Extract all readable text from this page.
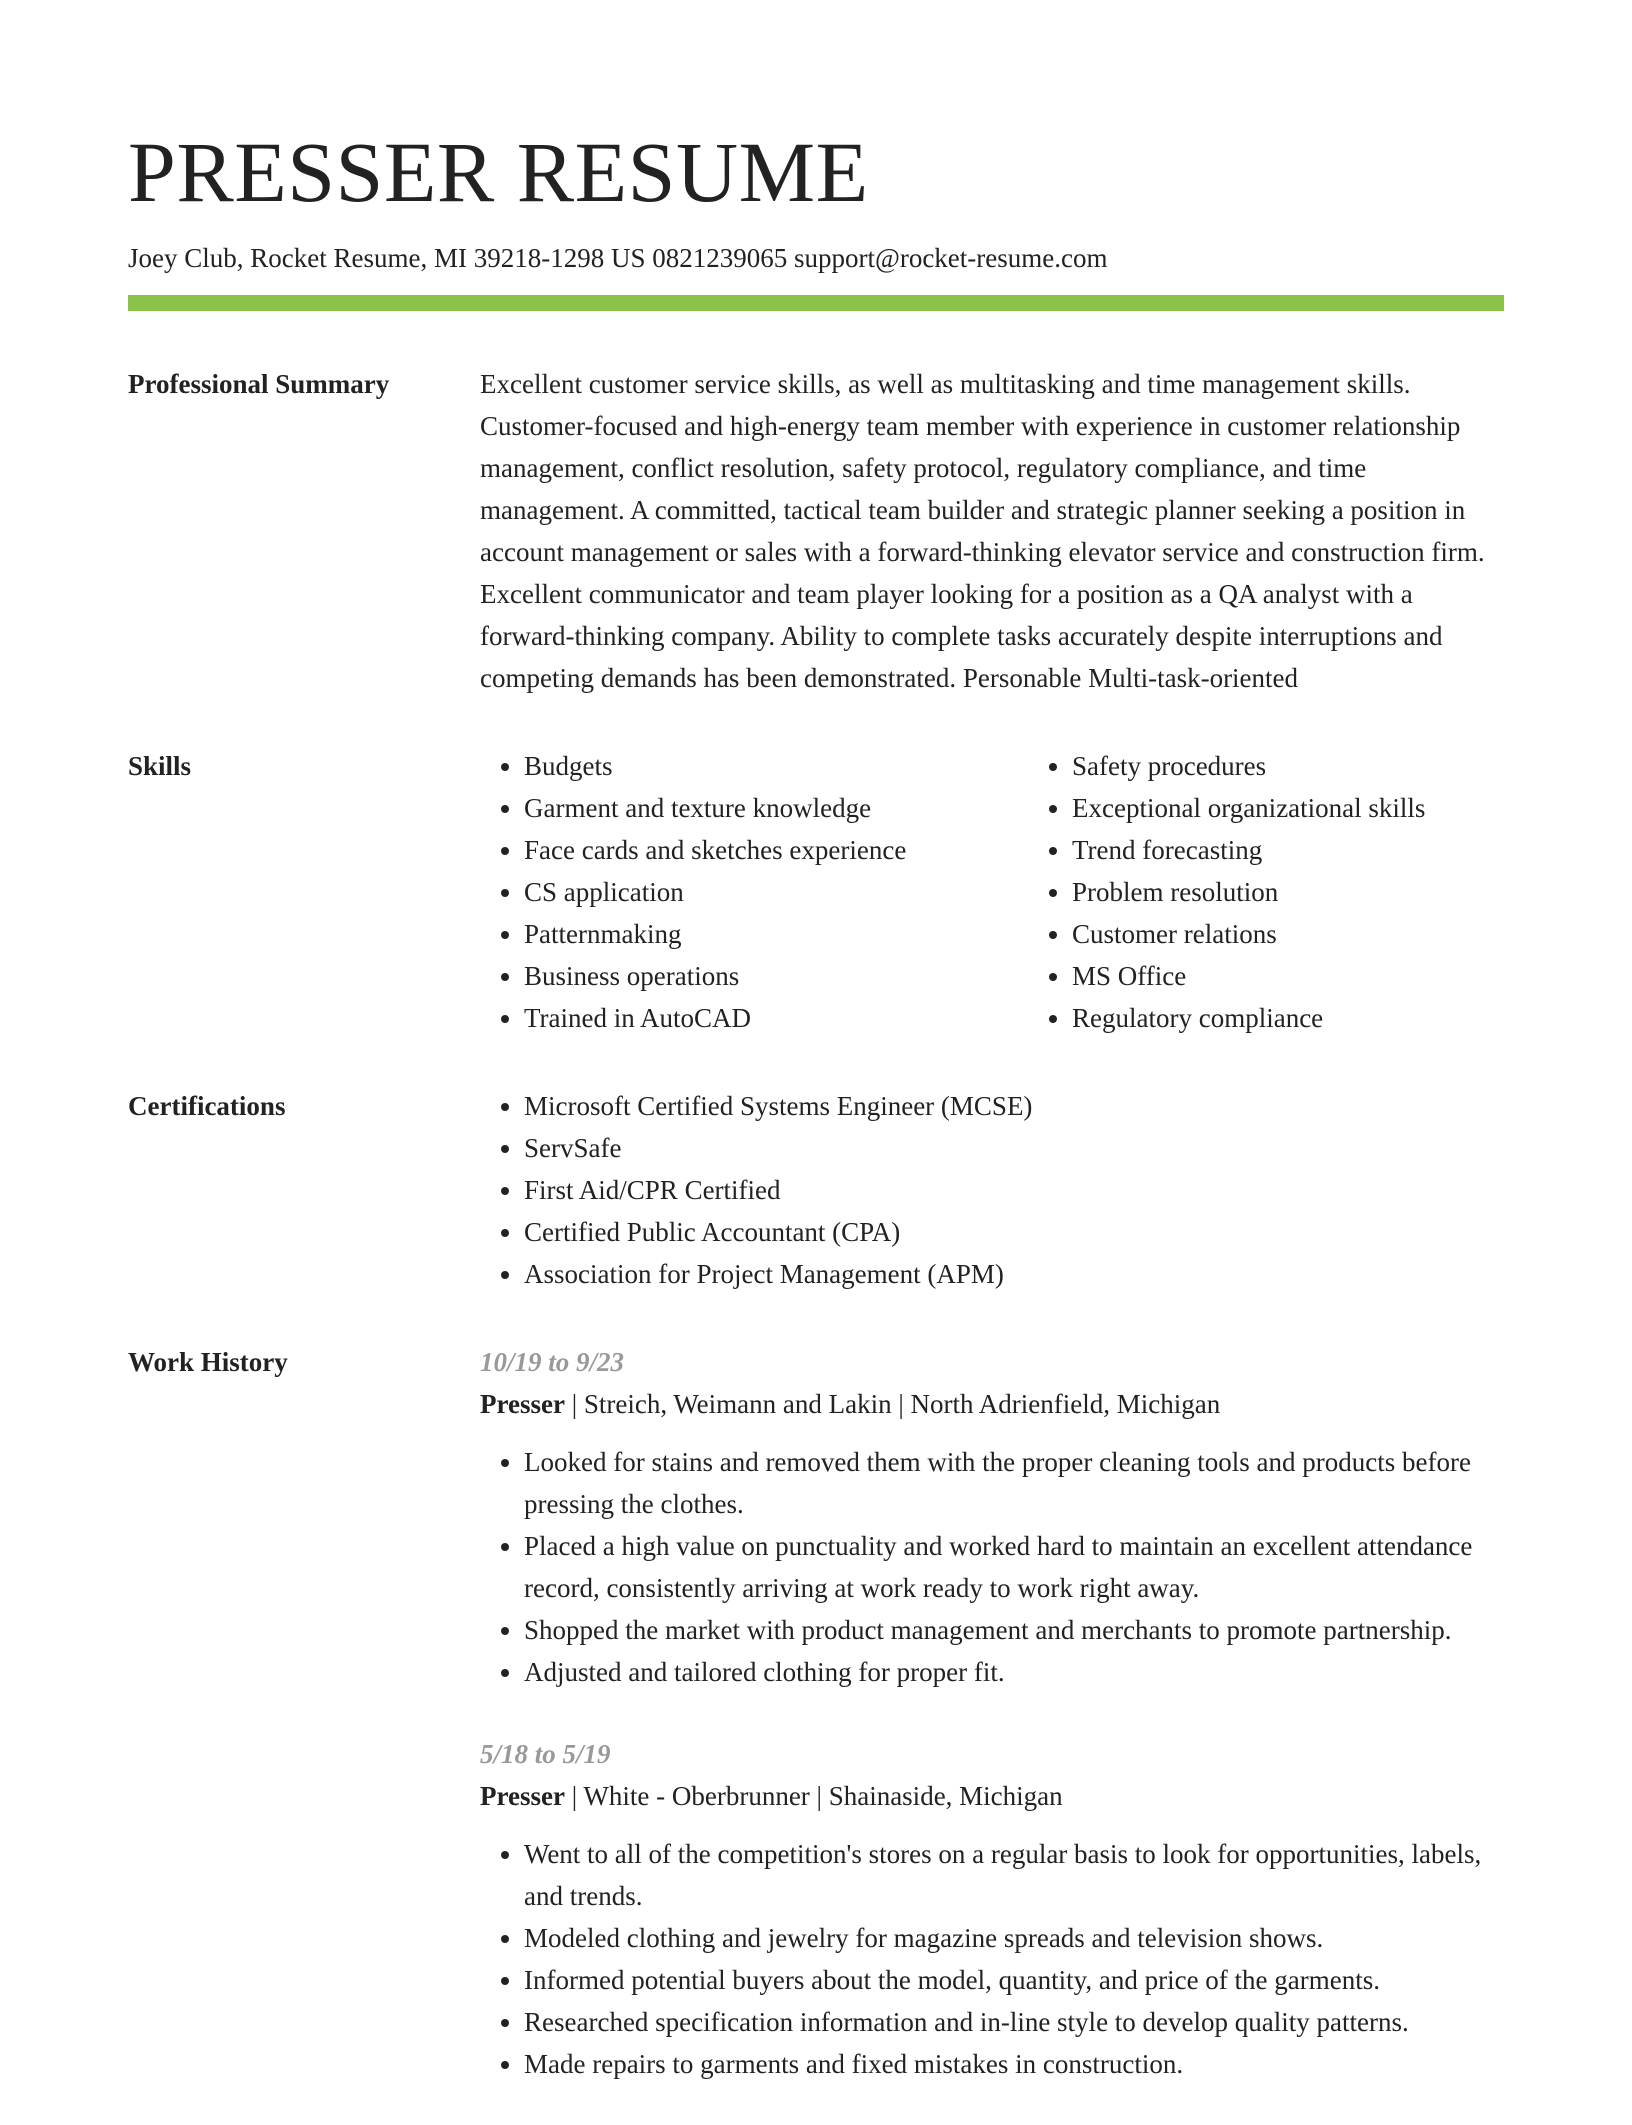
PRESSER RESUME
Joey Club, Rocket Resume, MI 39218-1298 US 0821239065 support@rocket-resume.com
Professional Summary	Excellent customer service skills, as well as multitasking and time management skills. Customer-focused and high-energy team member with experience in customer relationship management, conflict resolution, safety protocol, regulatory compliance, and time management. A committed, tactical team builder and strategic planner seeking a position in account management or sales with a forward-thinking elevator service and construction firm. Excellent communicator and team player looking for a position as a QA analyst with a forward-thinking company. Ability to complete tasks accurately despite interruptions and competing demands has been demonstrated. Personable Multi-task-oriented

Skills	• Budgets
• Garment and texture knowledge
• Face cards and sketches experience
• CS application
• Patternmaking
• Business operations
• Trained in AutoCAD
• Safety procedures
• Exceptional organizational skills
• Trend forecasting
• Problem resolution
• Customer relations
• MS Office
• Regulatory compliance
Certifications	• Microsoft Certified Systems Engineer (MCSE)
• ServSafe
• First Aid/CPR Certified
• Certified Public Accountant (CPA)
• Association for Project Management (APM)
Work History	10/19 to 9/23
Presser | Streich, Weimann and Lakin | North Adrienfield, Michigan
• Looked for stains and removed them with the proper cleaning tools and products before pressing the clothes.
• Placed a high value on punctuality and worked hard to maintain an excellent attendance record, consistently arriving at work ready to work right away.
• Shopped the market with product management and merchants to promote partnership.
• Adjusted and tailored clothing for proper fit.
5/18 to 5/19
Presser | White - Oberbrunner | Shainaside, Michigan
• Went to all of the competition's stores on a regular basis to look for opportunities, labels, and trends.
• Modeled clothing and jewelry for magazine spreads and television shows.
• Informed potential buyers about the model, quantity, and price of the garments.
• Researched specification information and in-line style to develop quality patterns.
• Made repairs to garments and fixed mistakes in construction.
